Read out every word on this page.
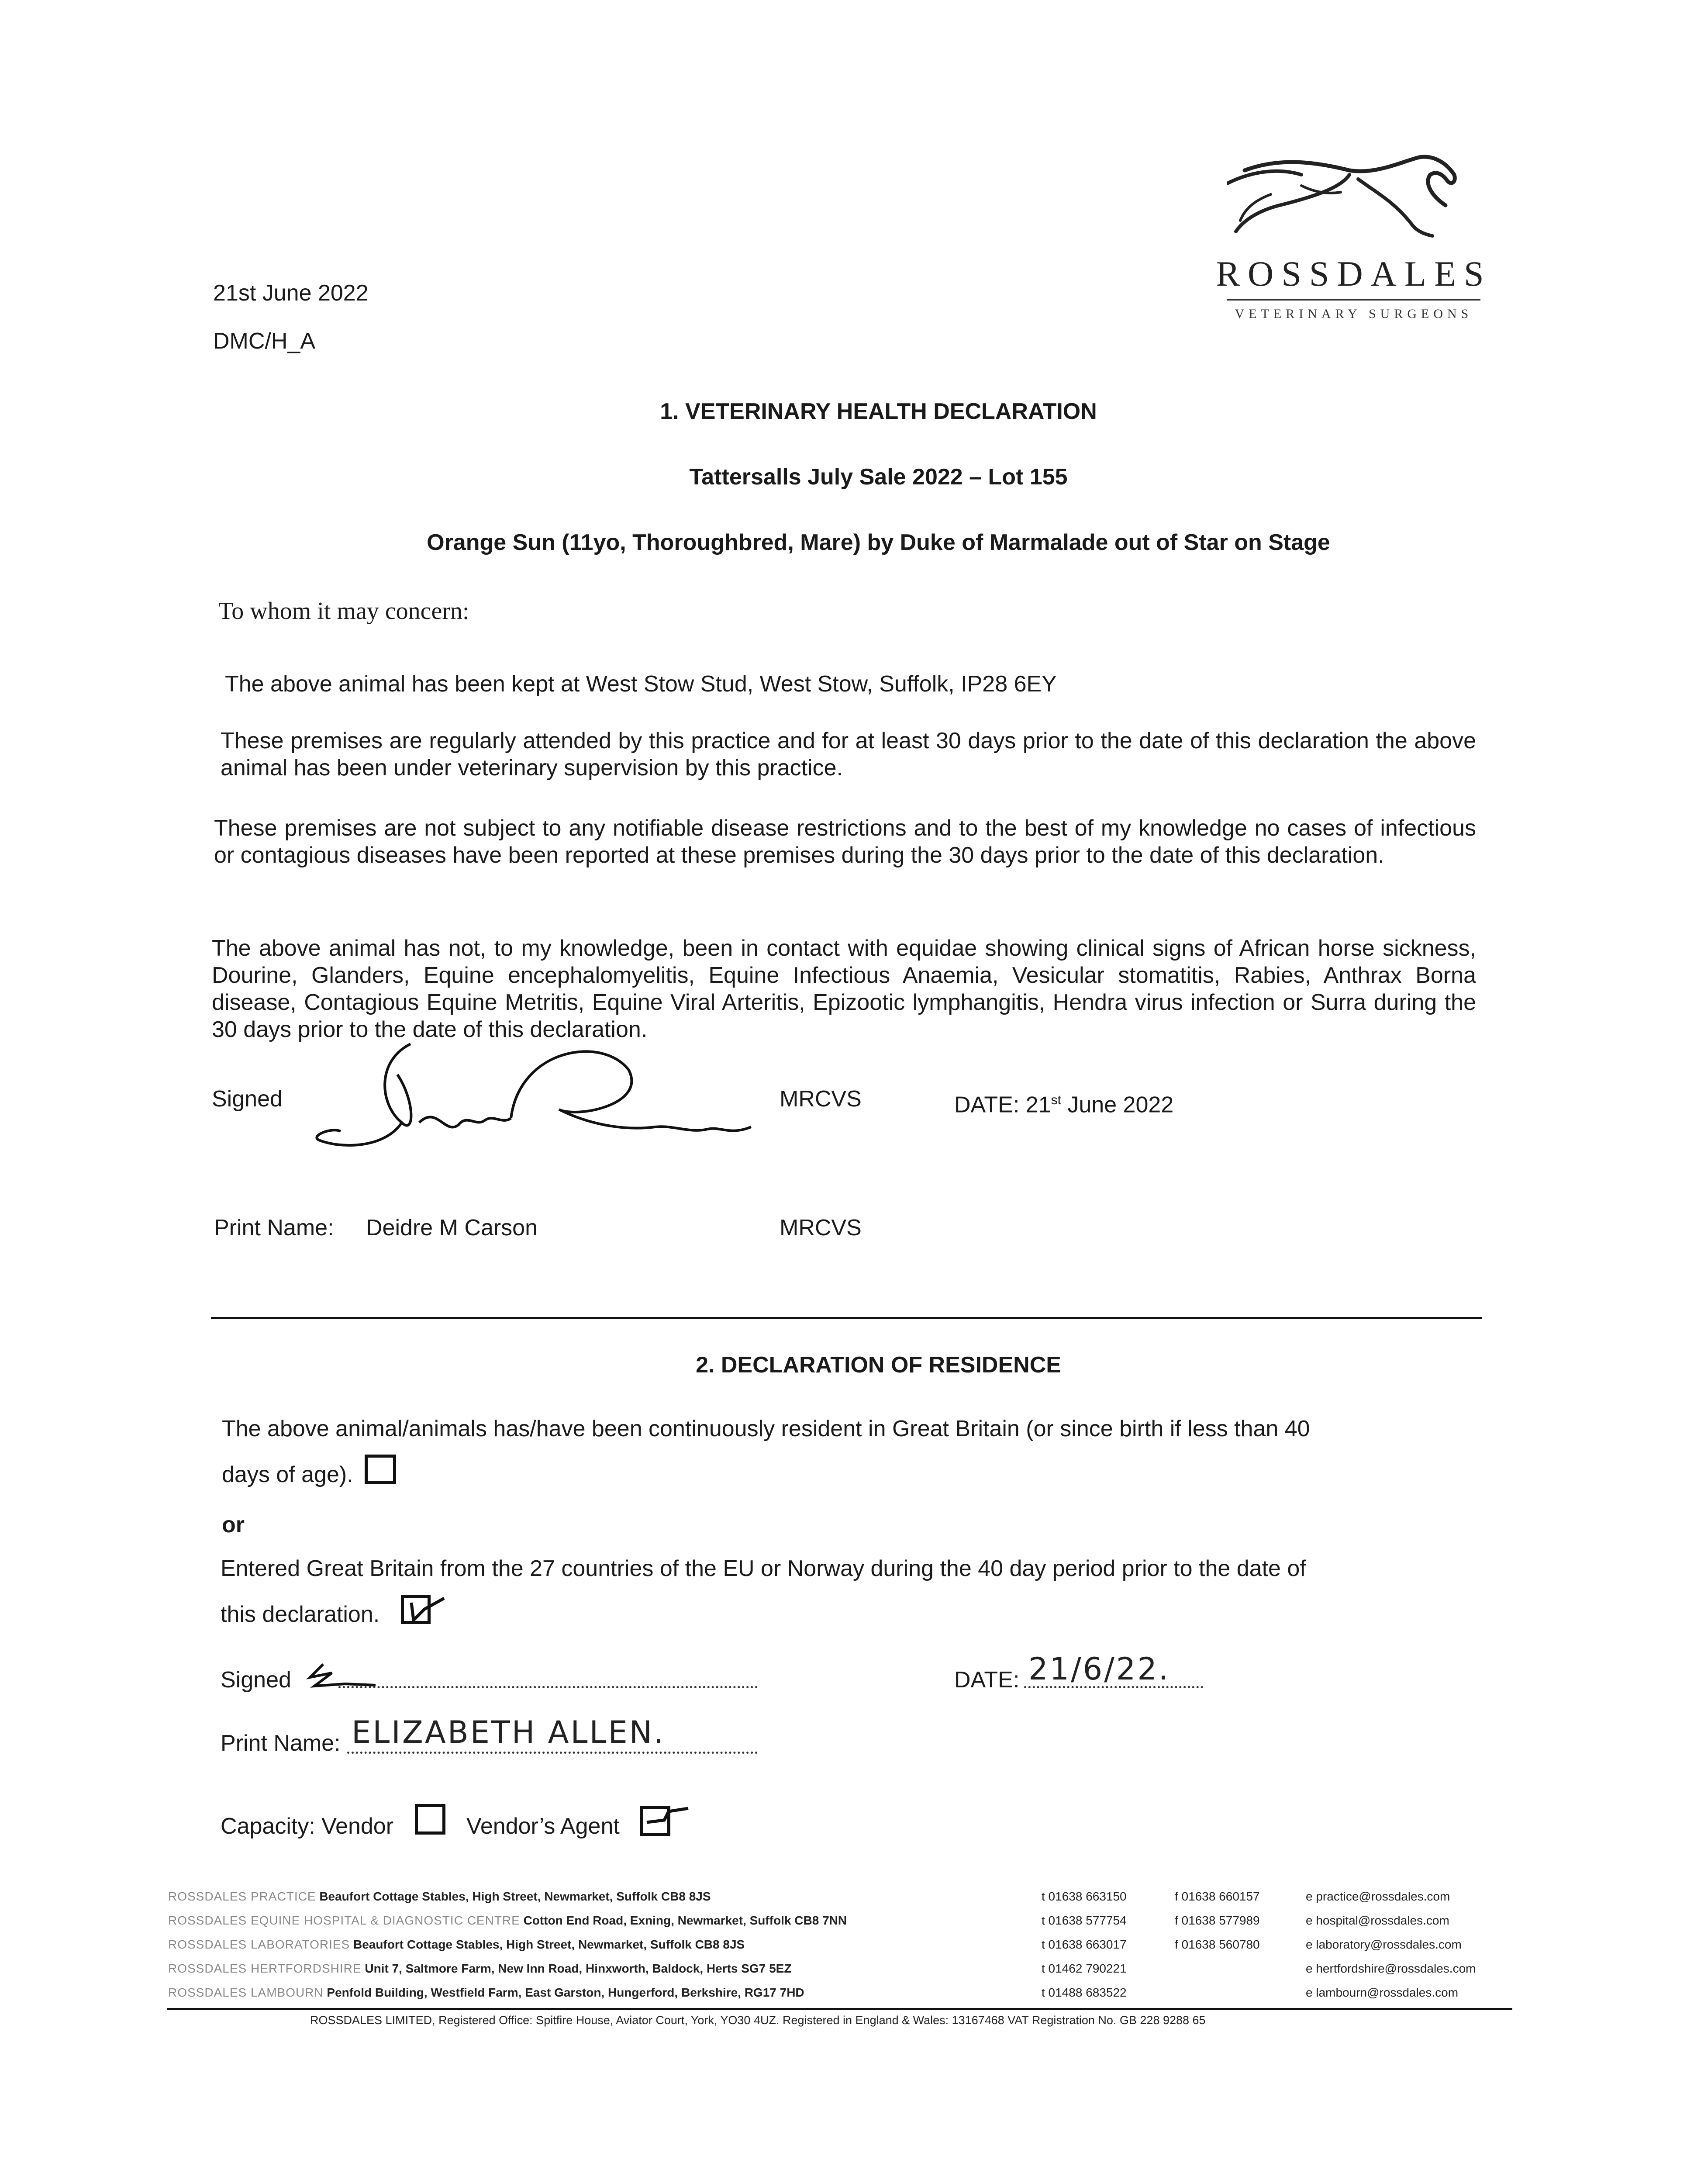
21st June 2022
DMC/H_A
ROSSDALES
VETERINARY SURGEONS
1. VETERINARY HEALTH DECLARATION
Tattersalls July Sale 2022 – Lot 155
Orange Sun (11yo, Thoroughbred, Mare) by Duke of Marmalade out of Star on Stage
To whom it may concern:
The above animal has been kept at West Stow Stud, West Stow, Suffolk, IP28 6EY
These premises are regularly attended by this practice and for at least 30 days prior to the date of this declaration the above animal has been under veterinary supervision by this practice.
These premises are not subject to any notifiable disease restrictions and to the best of my knowledge no cases of infectious or contagious diseases have been reported at these premises during the 30 days prior to the date of this declaration.
The above animal has not, to my knowledge, been in contact with equidae showing clinical signs of African horse sickness, Dourine, Glanders, Equine encephalomyelitis, Equine Infectious Anaemia, Vesicular stomatitis, Rabies, Anthrax Borna disease, Contagious Equine Metritis, Equine Viral Arteritis, Epizootic lymphangitis, Hendra virus infection or Surra during the 30 days prior to the date of this declaration.
Signed	MRCVS	DATE: 21st June 2022
Print Name: Deidre M Carson	MRCVS
2. DECLARATION OF RESIDENCE
The above animal/animals has/have been continuously resident in Great Britain (or since birth if less than 40
days of age).
or
Entered Great Britain from the 27 countries of the EU or Norway during the 40 day period prior to the date of
this declaration.
Signed	DATE: 21/6/22.
Print Name: ELIZABETH ALLEN.
Capacity: Vendor	Vendor’s Agent
ROSSDALES PRACTICE Beaufort Cottage Stables, High Street, Newmarket, Suffolk CB8 8JS	t 01638 663150	f 01638 660157	e practice@rossdales.com
ROSSDALES EQUINE HOSPITAL & DIAGNOSTIC CENTRE Cotton End Road, Exning, Newmarket, Suffolk CB8 7NN	t 01638 577754	f 01638 577989	e hospital@rossdales.com
ROSSDALES LABORATORIES Beaufort Cottage Stables, High Street, Newmarket, Suffolk CB8 8JS	t 01638 663017	f 01638 560780	e laboratory@rossdales.com
ROSSDALES HERTFORDSHIRE Unit 7, Saltmore Farm, New Inn Road, Hinxworth, Baldock, Herts SG7 5EZ	t 01462 790221	e hertfordshire@rossdales.com
ROSSDALES LAMBOURN Penfold Building, Westfield Farm, East Garston, Hungerford, Berkshire, RG17 7HD	t 01488 683522	e lambourn@rossdales.com
ROSSDALES LIMITED, Registered Office: Spitfire House, Aviator Court, York, YO30 4UZ. Registered in England & Wales: 13167468 VAT Registration No. GB 228 9288 65
